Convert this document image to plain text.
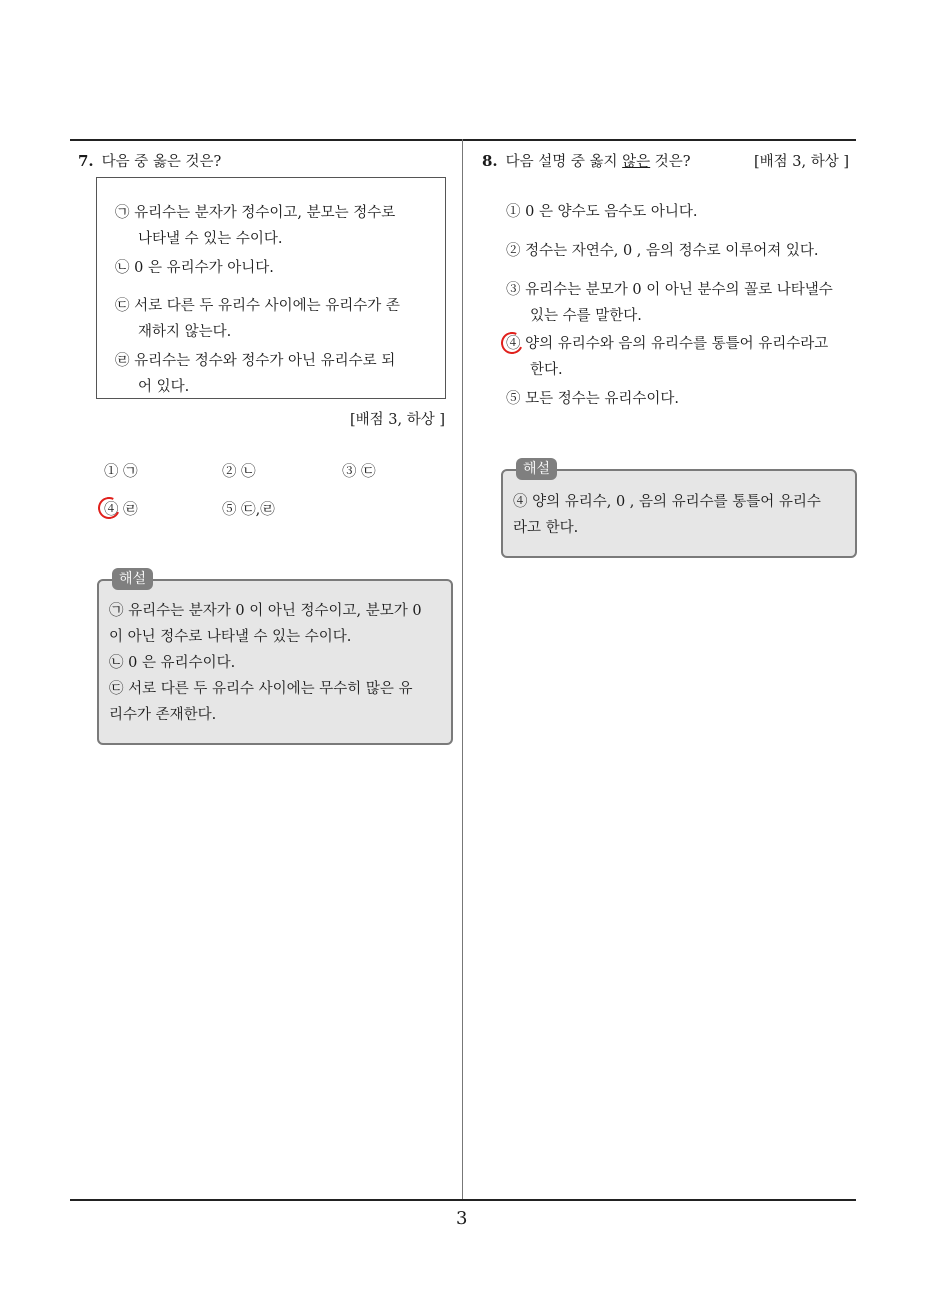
3
7. 다음 중 옳은 것은?
㉠ 유리수는 분자가 정수이고, 분모는 정수로
나타낼 수 있는 수이다.
㉡ 0 은 유리수가 아니다.
㉢ 서로 다른 두 유리수 사이에는 유리수가 존
재하지 않는다.
㉣ 유리수는 정수와 정수가 아닌 유리수로 되
어 있다.
[배점 3, 하상 ]
① ㉠	② ㉡	③ ㉢
④ ㉣	⑤ ㉢,㉣
해설
㉠ 유리수는 분자가 0 이 아닌 정수이고, 분모가 0
이 아닌 정수로 나타낼 수 있는 수이다.
㉡ 0 은 유리수이다.
㉢ 서로 다른 두 유리수 사이에는 무수히 많은 유
리수가 존재한다.
8. 다음 설명 중 옳지 않은 것은?	[배점 3, 하상 ]
① 0 은 양수도 음수도 아니다.
② 정수는 자연수, 0 , 음의 정수로 이루어져 있다.
③ 유리수는 분모가 0 이 아닌 분수의 꼴로 나타낼수
있는 수를 말한다.
④ 양의 유리수와 음의 유리수를 통틀어 유리수라고
한다.
⑤ 모든 정수는 유리수이다.
해설
④ 양의 유리수, 0 , 음의 유리수를 통틀어 유리수
라고 한다.
